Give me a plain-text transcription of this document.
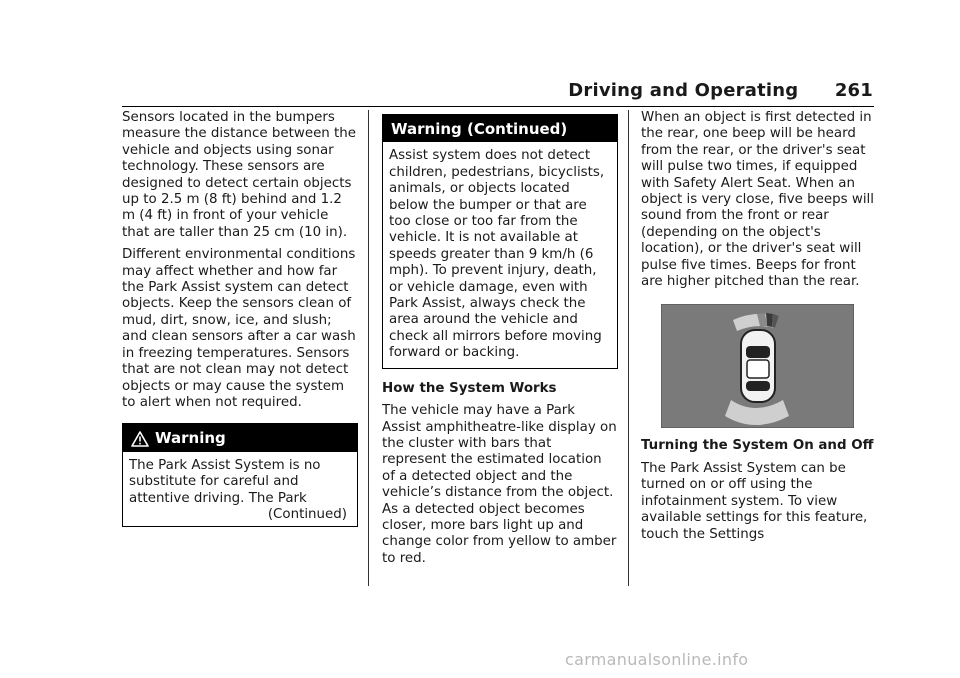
Driving and Operating 261

Sensors located in the bumpers measure the distance between the vehicle and objects using sonar technology. These sensors are designed to detect certain objects up to 2.5 m (8 ft) behind and 1.2 m (4 ft) in front of your vehicle that are taller than 25 cm (10 in).

Different environmental conditions may affect whether and how far the Park Assist system can detect objects. Keep the sensors clean of mud, dirt, snow, ice, and slush; and clean sensors after a car wash in freezing temperatures. Sensors that are not clean may not detect objects or may cause the system to alert when not required.

Warning

The Park Assist System is no substitute for careful and attentive driving. The Park

(Continued)
Warning (Continued)

Assist system does not detect children, pedestrians, bicyclists, animals, or objects located below the bumper or that are too close or too far from the vehicle. It is not available at speeds greater than 9 km/h (6 mph). To prevent injury, death, or vehicle damage, even with Park Assist, always check the area around the vehicle and check all mirrors before moving forward or backing.

How the System Works

The vehicle may have a Park Assist amphitheatre-like display on the cluster with bars that represent the estimated location of a detected object and the vehicle’s distance from the object. As a detected object becomes closer, more bars light up and change color from yellow to amber to red.

When an object is first detected in the rear, one beep will be heard from the rear, or the driver's seat will pulse two times, if equipped with Safety Alert Seat. When an object is very close, five beeps will sound from the front or rear (depending on the object's location), or the driver's seat will pulse five times. Beeps for front are higher pitched than the rear.

Turning the System On and Off

The Park Assist System can be turned on or off using the infotainment system. To view available settings for this feature, touch the Settings

carmanualsonline.info
